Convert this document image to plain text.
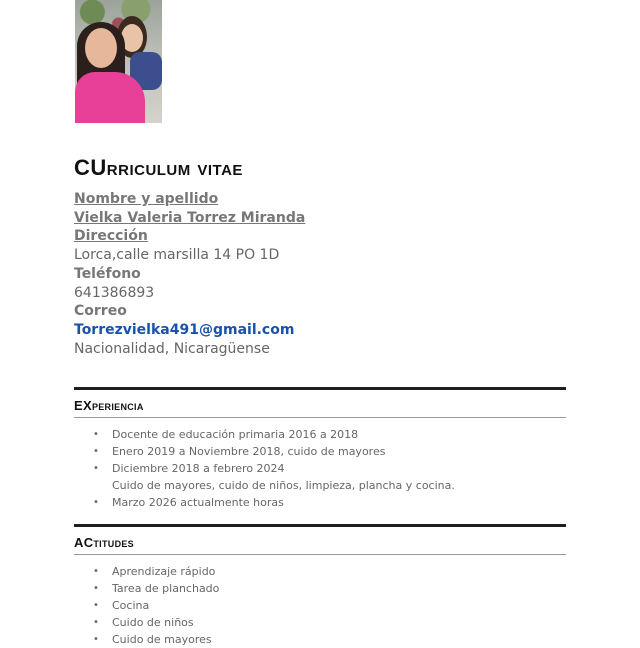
CUrriculum vitae
Nombre y apellido
Vielka Valeria Torrez Miranda
Dirección
Lorca,calle marsilla 14 PO 1D
Teléfono
641386893
Correo
Torrezvielka491@gmail.com
Nacionalidad, Nicaragüense
EXperiencia
• Docente de educación primaria 2016 a 2018
• Enero 2019 a Noviembre 2018, cuido de mayores
• Diciembre 2018 a febrero 2024
Cuido de mayores, cuido de niños, limpieza, plancha y cocina.
• Marzo 2026 actualmente horas
ACtitudes
• Aprendizaje rápido
• Tarea de planchado
• Cocina
• Cuido de niños
• Cuido de mayores
